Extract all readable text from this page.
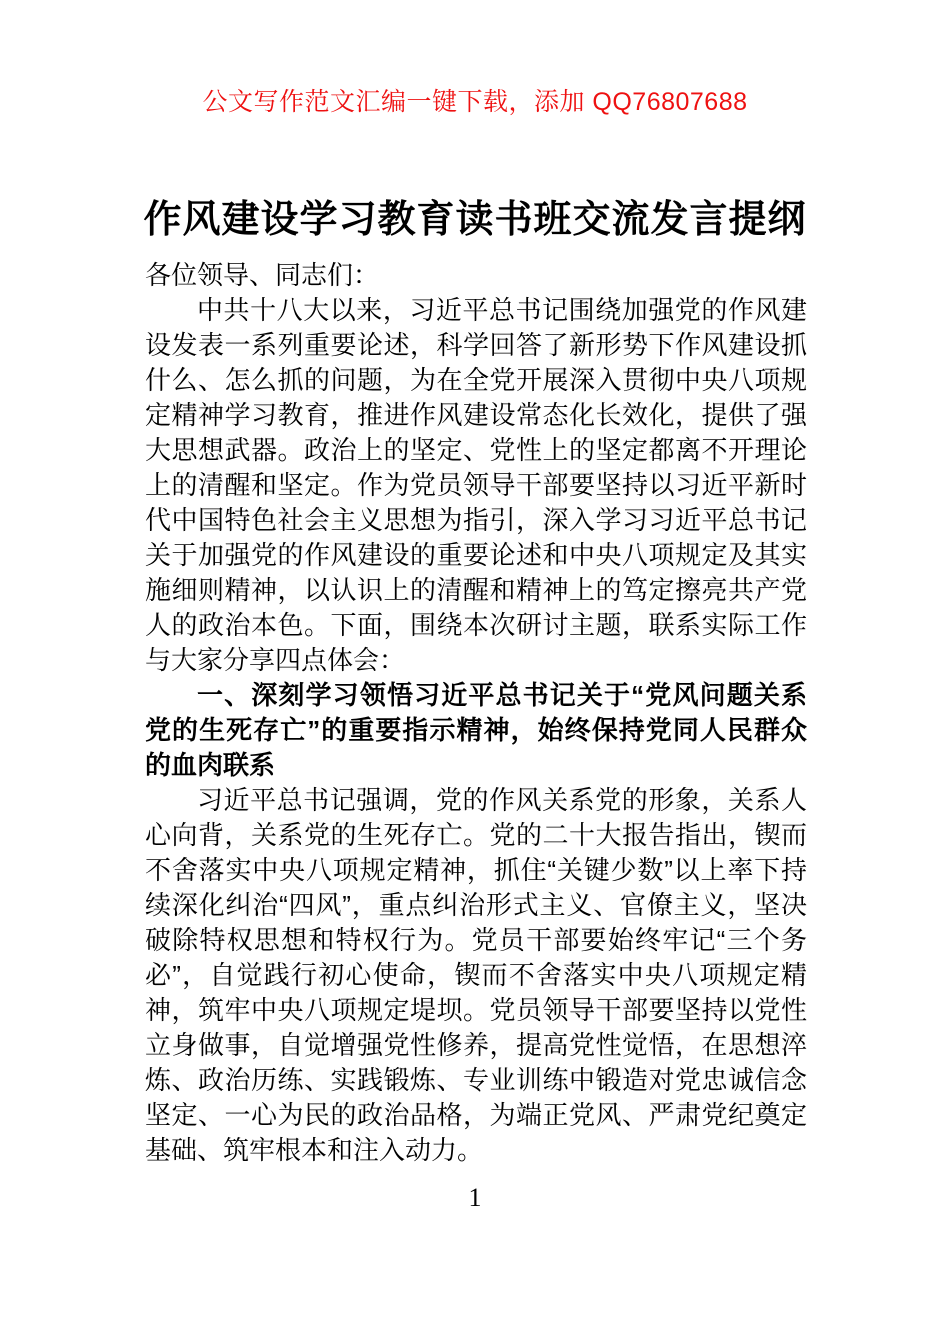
公文写作范文汇编一键下载，添加 QQ76807688
作风建设学习教育读书班交流发言提纲

各位领导、同志们：

中共十八大以来，习近平总书记围绕加强党的作风建设发表一系列重要论述，科学回答了新形势下作风建设抓什么、怎么抓的问题，为在全党开展深入贯彻中央八项规定精神学习教育，推进作风建设常态化长效化，提供了强大思想武器。政治上的坚定、党性上的坚定都离不开理论上的清醒和坚定。作为党员领导干部要坚持以习近平新时代中国特色社会主义思想为指引，深入学习习近平总书记关于加强党的作风建设的重要论述和中央八项规定及其实施细则精神，以认识上的清醒和精神上的笃定擦亮共产党人的政治本色。下面，围绕本次研讨主题，联系实际工作与大家分享四点体会：

一、深刻学习领悟习近平总书记关于“党风问题关系党的生死存亡”的重要指示精神，始终保持党同人民群众的血肉联系

习近平总书记强调，党的作风关系党的形象，关系人心向背，关系党的生死存亡。党的二十大报告指出，锲而不舍落实中央八项规定精神，抓住“关键少数”以上率下持续深化纠治“四风”，重点纠治形式主义、官僚主义，坚决破除特权思想和特权行为。党员干部要始终牢记“三个务必”，自觉践行初心使命，锲而不舍落实中央八项规定精神，筑牢中央八项规定堤坝。党员领导干部要坚持以党性立身做事，自觉增强党性修养，提高党性觉悟，在思想淬炼、政治历练、实践锻炼、专业训练中锻造对党忠诚信念坚定、一心为民的政治品格，为端正党风、严肃党纪奠定基础、筑牢根本和注入动力。

1
